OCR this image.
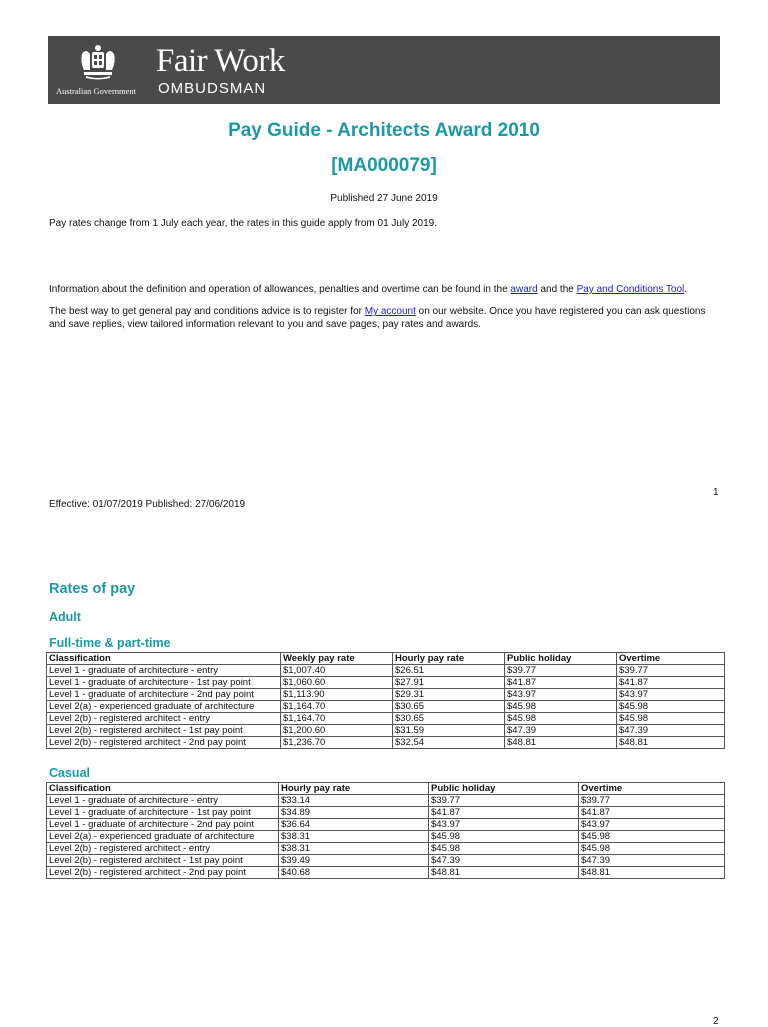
Australian Government
Fair Work
OMBUDSMAN
Pay Guide - Architects Award 2010
[MA000079]
Published 27 June 2019
Pay rates change from 1 July each year, the rates in this guide apply from 01 July 2019.
Information about the definition and operation of allowances, penalties and overtime can be found in the award and the Pay and Conditions Tool.
The best way to get general pay and conditions advice is to register for My account on our website. Once you have registered you can ask questions and save replies, view tailored information relevant to you and save pages, pay rates and awards.
1
Effective: 01/07/2019 Published: 27/06/2019
Rates of pay
Adult
Full-time & part-time
Classification	Weekly pay rate	Hourly pay rate	Public holiday	Overtime
Level 1 - graduate of architecture - entry	$1,007.40	$26.51	$39.77	$39.77
Level 1 - graduate of architecture - 1st pay point	$1,060.60	$27.91	$41.87	$41.87
Level 1 - graduate of architecture - 2nd pay point	$1,113.90	$29.31	$43.97	$43.97
Level 2(a) - experienced graduate of architecture	$1,164.70	$30.65	$45.98	$45.98
Level 2(b) - registered architect - entry	$1,164.70	$30.65	$45.98	$45.98
Level 2(b) - registered architect - 1st pay point	$1,200.60	$31.59	$47.39	$47.39
Level 2(b) - registered architect - 2nd pay point	$1,236.70	$32.54	$48.81	$48.81
Casual
Classification	Hourly pay rate	Public holiday	Overtime
Level 1 - graduate of architecture - entry	$33.14	$39.77	$39.77
Level 1 - graduate of architecture - 1st pay point	$34.89	$41.87	$41.87
Level 1 - graduate of architecture - 2nd pay point	$36.64	$43.97	$43.97
Level 2(a) - experienced graduate of architecture	$38.31	$45.98	$45.98
Level 2(b) - registered architect - entry	$38.31	$45.98	$45.98
Level 2(b) - registered architect - 1st pay point	$39.49	$47.39	$47.39
Level 2(b) - registered architect - 2nd pay point	$40.68	$48.81	$48.81
2
